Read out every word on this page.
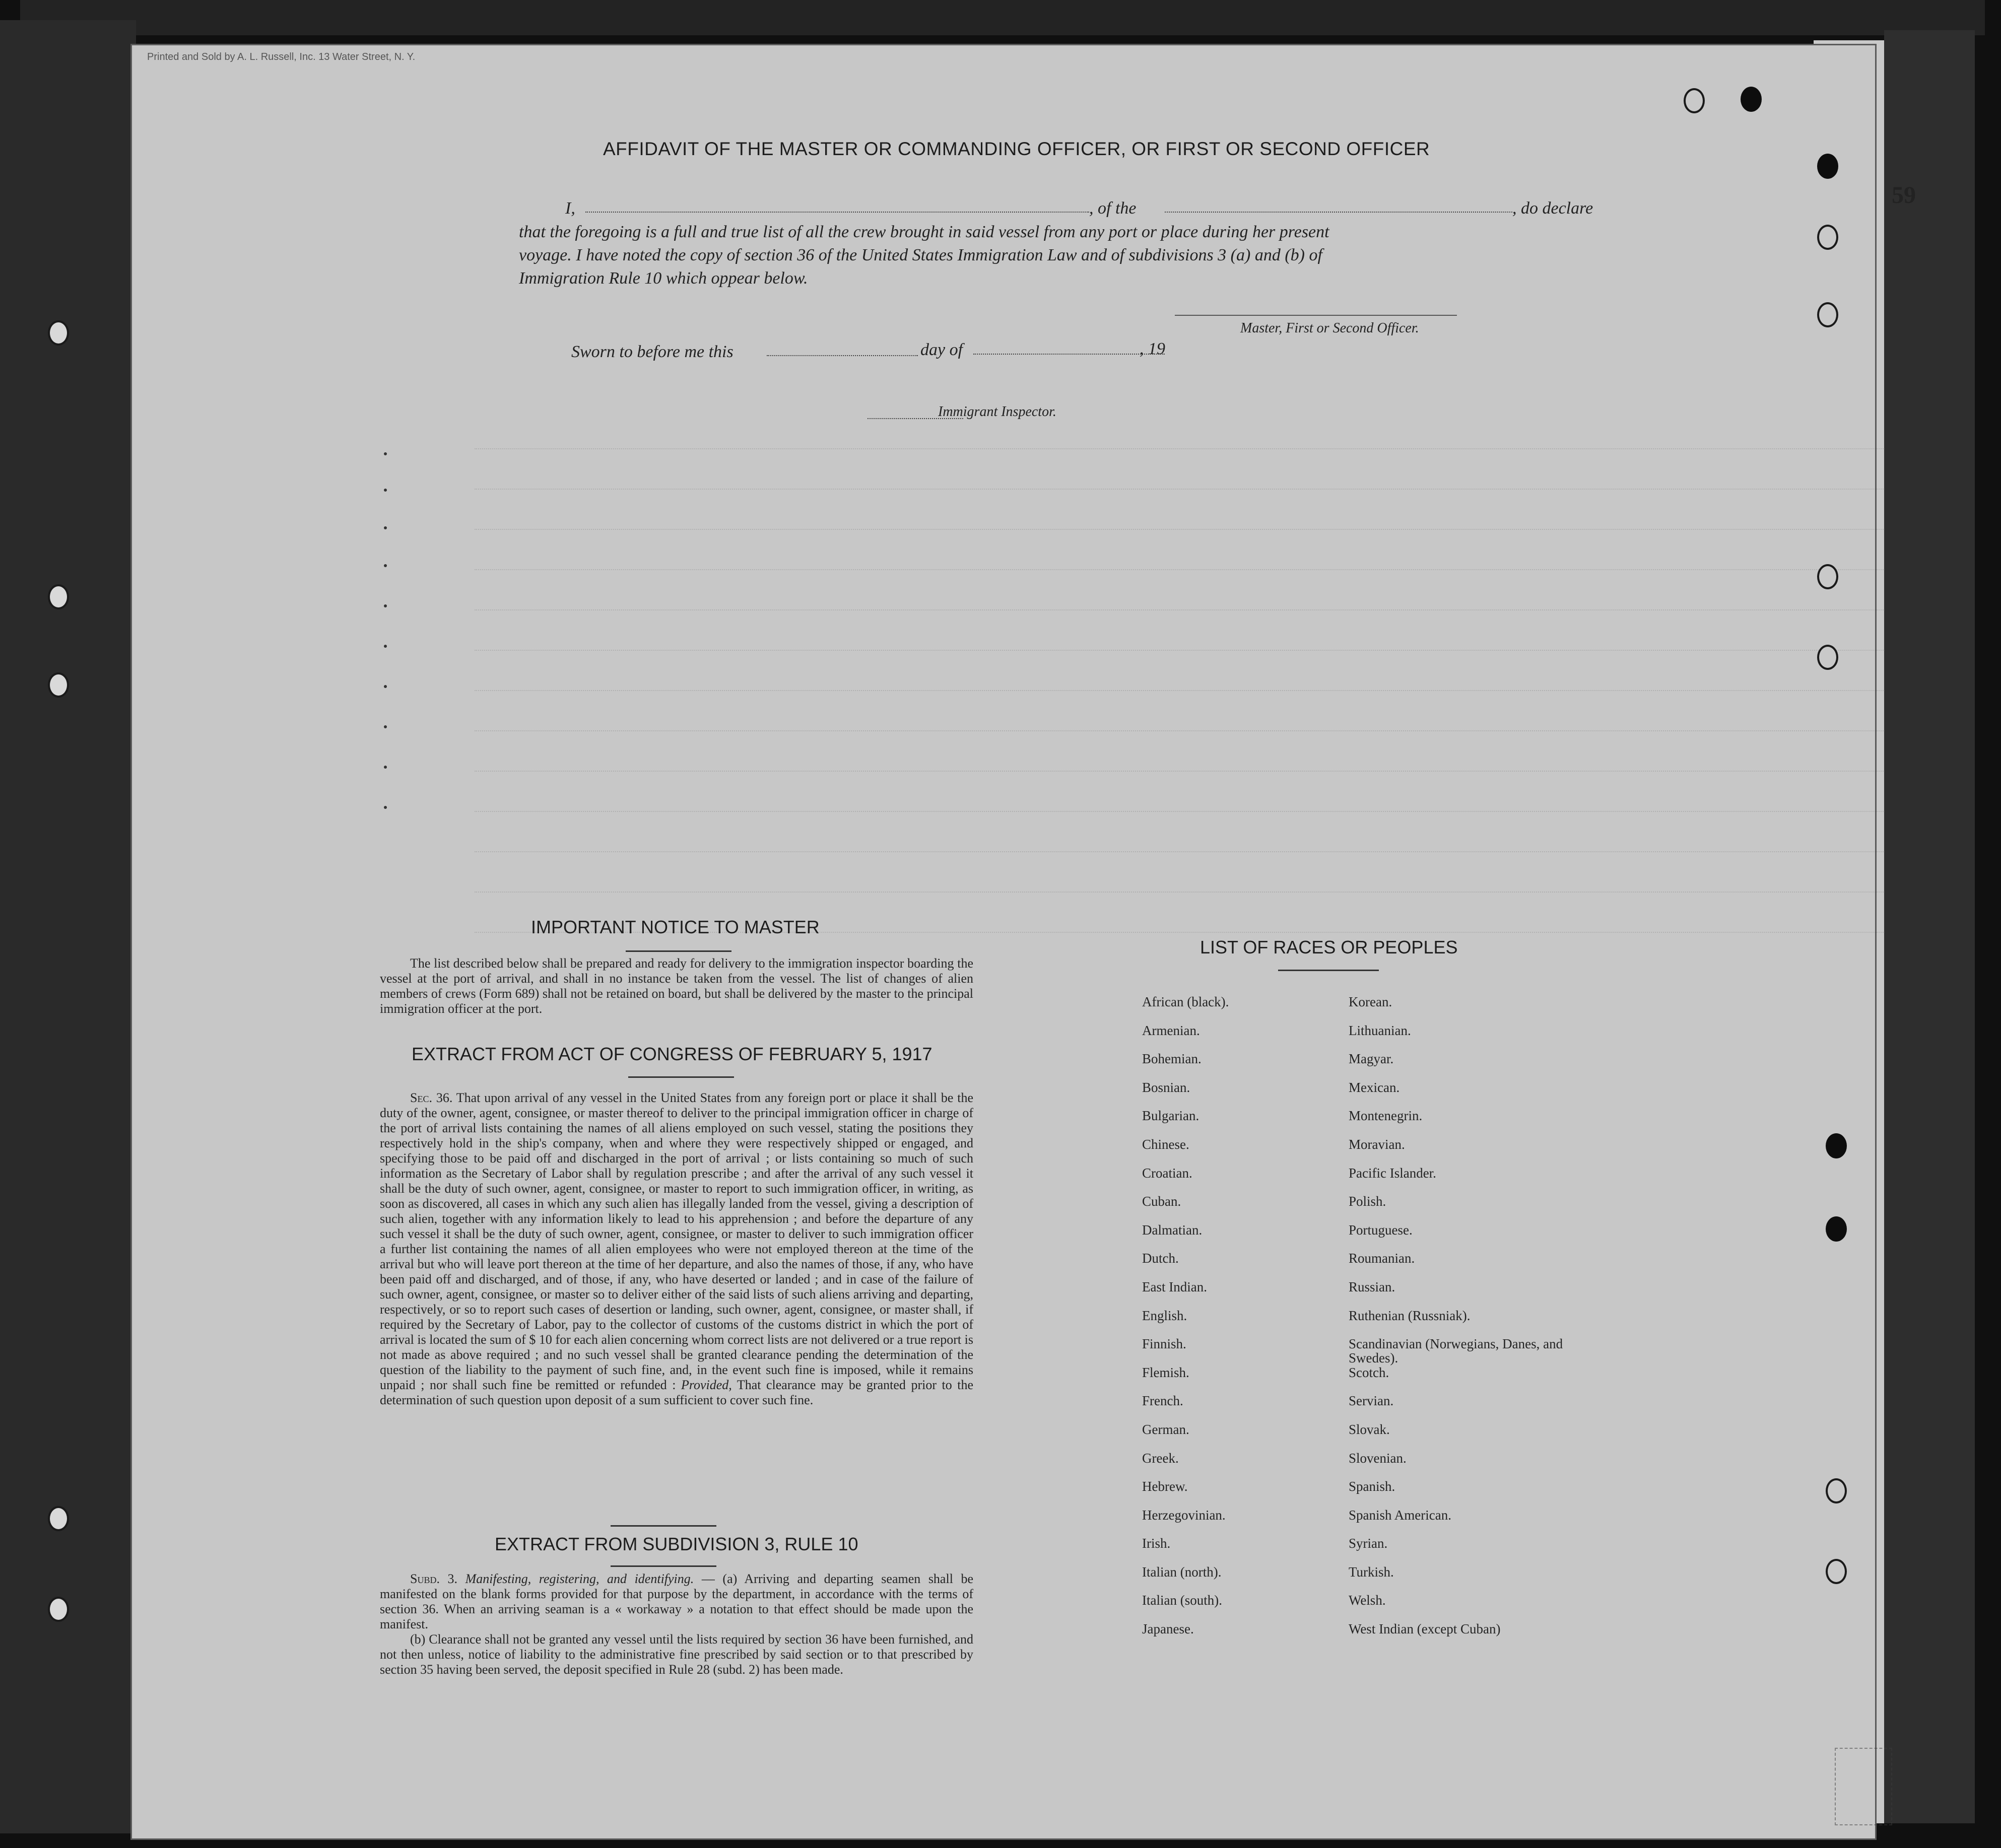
Printed and Sold by A. L. Russell, Inc. 13 Water Street, N. Y.
AFFIDAVIT OF THE MASTER OR COMMANDING OFFICER, OR FIRST OR SECOND OFFICER
I,	, of the	, do declare
that the foregoing is a full and true list of all the crew brought in said vessel from any port or place during her present
voyage. I have noted the copy of section 36 of the United States Immigration Law and of subdivisions 3 (a) and (b) of
Immigration Rule 10 which oppear below.
Master, First or Second Officer.
Sworn to before me this	day of	, 19
Immigrant Inspector.
IMPORTANT NOTICE TO MASTER

The list described below shall be prepared and ready for delivery to the immigration inspector boarding the vessel at the port of arrival, and shall in no instance be taken from the vessel. The list of changes of alien members of crews (Form 689) shall not be retained on board, but shall be delivered by the master to the principal immigration officer at the port.

EXTRACT FROM ACT OF CONGRESS OF FEBRUARY 5, 1917

Sec. 36. That upon arrival of any vessel in the United States from any foreign port or place it shall be the duty of the owner, agent, consignee, or master thereof to deliver to the principal immigration officer in charge of the port of arrival lists containing the names of all aliens employed on such vessel, stating the positions they respectively hold in the ship's company, when and where they were respectively shipped or engaged, and specifying those to be paid off and discharged in the port of arrival ; or lists containing so much of such information as the Secretary of Labor shall by regulation prescribe ; and after the arrival of any such vessel it shall be the duty of such owner, agent, consignee, or master to report to such immigration officer, in writing, as soon as discovered, all cases in which any such alien has illegally landed from the vessel, giving a description of such alien, together with any information likely to lead to his apprehension ; and before the departure of any such vessel it shall be the duty of such owner, agent, consignee, or master to deliver to such immigration officer a further list containing the names of all alien employees who were not employed thereon at the time of the arrival but who will leave port thereon at the time of her departure, and also the names of those, if any, who have been paid off and discharged, and of those, if any, who have deserted or landed ; and in case of the failure of such owner, agent, consignee, or master so to deliver either of the said lists of such aliens arriving and departing, respectively, or so to report such cases of desertion or landing, such owner, agent, consignee, or master shall, if required by the Secretary of Labor, pay to the collector of customs of the customs district in which the port of arrival is located the sum of $ 10 for each alien concerning whom correct lists are not delivered or a true report is not made as above required ; and no such vessel shall be granted clearance pending the determination of the question of the liability to the payment of such fine, and, in the event such fine is imposed, while it remains unpaid ; nor shall such fine be remitted or refunded : Provided, That clearance may be granted prior to the determination of such question upon deposit of a sum sufficient to cover such fine.

EXTRACT FROM SUBDIVISION 3, RULE 10

Subd. 3. Manifesting, registering, and identifying. — (a) Arriving and departing seamen shall be manifested on the blank forms provided for that purpose by the department, in accordance with the terms of section 36. When an arriving seaman is a « workaway » a notation to that effect should be made upon the manifest.

(b) Clearance shall not be granted any vessel until the lists required by section 36 have been furnished, and not then unless, notice of liability to the administrative fine prescribed by said section or to that prescribed by section 35 having been served, the deposit specified in Rule 28 (subd. 2) has been made.

LIST OF RACES OR PEOPLES
African (black).
Armenian.
Bohemian.
Bosnian.
Bulgarian.
Chinese.
Croatian.
Cuban.
Dalmatian.
Dutch.
East Indian.
English.
Finnish.
Flemish.
French.
German.
Greek.
Hebrew.
Herzegovinian.
Irish.
Italian (north).
Italian (south).
Japanese.
Korean.
Lithuanian.
Magyar.
Mexican.
Montenegrin.
Moravian.
Pacific Islander.
Polish.
Portuguese.
Roumanian.
Russian.
Ruthenian (Russniak).
Scandinavian (Norwegians, Danes, and Swedes).
Scotch.
Servian.
Slovak.
Slovenian.
Spanish.
Spanish American.
Syrian.
Turkish.
Welsh.
West Indian (except Cuban)
59
